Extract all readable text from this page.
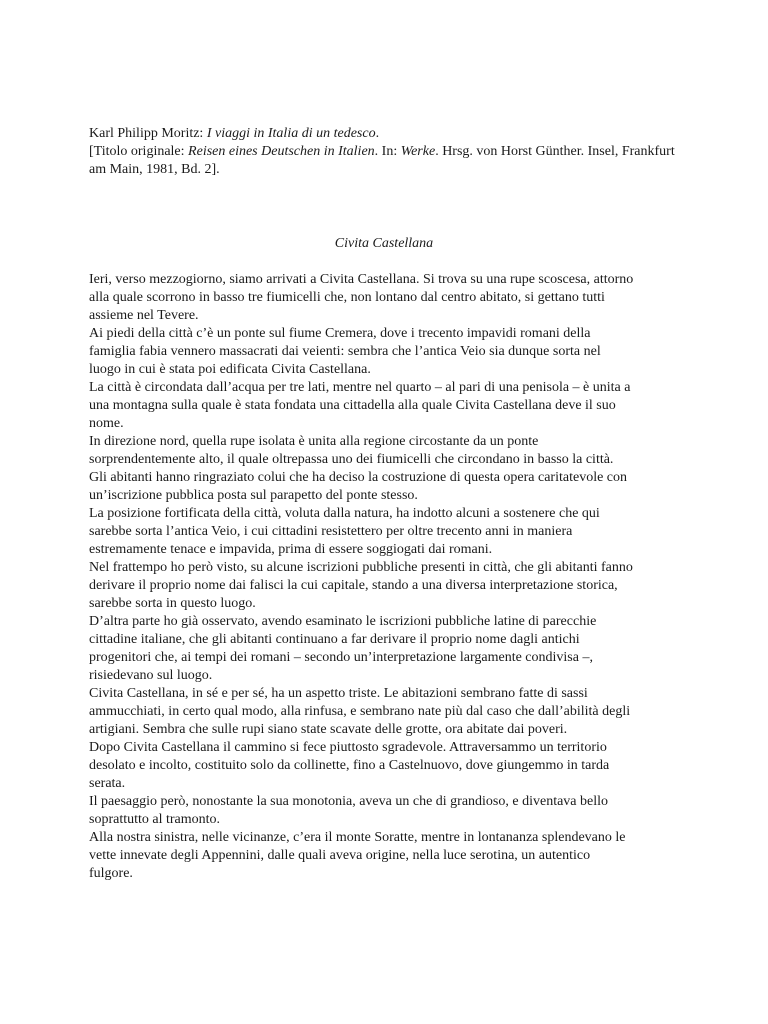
Karl Philipp Moritz: I viaggi in Italia di un tedesco.

[Titolo originale: Reisen eines Deutschen in Italien. In: Werke. Hrsg. von Horst Günther. Insel, Frankfurt am Main, 1981, Bd. 2].

Civita Castellana

Ieri, verso mezzogiorno, siamo arrivati a Civita Castellana. Si trova su una rupe scoscesa, attorno alla quale scorrono in basso tre fiumicelli che, non lontano dal centro abitato, si gettano tutti assieme nel Tevere.

Ai piedi della città c’è un ponte sul fiume Cremera, dove i trecento impavidi romani della famiglia fabia vennero massacrati dai veienti: sembra che l’antica Veio sia dunque sorta nel luogo in cui è stata poi edificata Civita Castellana.

La città è circondata dall’acqua per tre lati, mentre nel quarto – al pari di una penisola – è unita a una montagna sulla quale è stata fondata una cittadella alla quale Civita Castellana deve il suo nome.

In direzione nord, quella rupe isolata è unita alla regione circostante da un ponte sorprendentemente alto, il quale oltrepassa uno dei fiumicelli che circondano in basso la città. Gli abitanti hanno ringraziato colui che ha deciso la costruzione di questa opera caritatevole con un’iscrizione pubblica posta sul parapetto del ponte stesso.

La posizione fortificata della città, voluta dalla natura, ha indotto alcuni a sostenere che qui sarebbe sorta l’antica Veio, i cui cittadini resistettero per oltre trecento anni in maniera estremamente tenace e impavida, prima di essere soggiogati dai romani.

Nel frattempo ho però visto, su alcune iscrizioni pubbliche presenti in città, che gli abitanti fanno derivare il proprio nome dai falisci la cui capitale, stando a una diversa interpretazione storica, sarebbe sorta in questo luogo.

D’altra parte ho già osservato, avendo esaminato le iscrizioni pubbliche latine di parecchie cittadine italiane, che gli abitanti continuano a far derivare il proprio nome dagli antichi progenitori che, ai tempi dei romani – secondo un’interpretazione largamente condivisa –, risiedevano sul luogo.

Civita Castellana, in sé e per sé, ha un aspetto triste. Le abitazioni sembrano fatte di sassi ammucchiati, in certo qual modo, alla rinfusa, e sembrano nate più dal caso che dall’abilità degli artigiani. Sembra che sulle rupi siano state scavate delle grotte, ora abitate dai poveri.

Dopo Civita Castellana il cammino si fece piuttosto sgradevole. Attraversammo un territorio desolato e incolto, costituito solo da collinette, fino a Castelnuovo, dove giungemmo in tarda serata.

Il paesaggio però, nonostante la sua monotonia, aveva un che di grandioso, e diventava bello soprattutto al tramonto.

Alla nostra sinistra, nelle vicinanze, c’era il monte Soratte, mentre in lontananza splendevano le vette innevate degli Appennini, dalle quali aveva origine, nella luce serotina, un autentico fulgore.
